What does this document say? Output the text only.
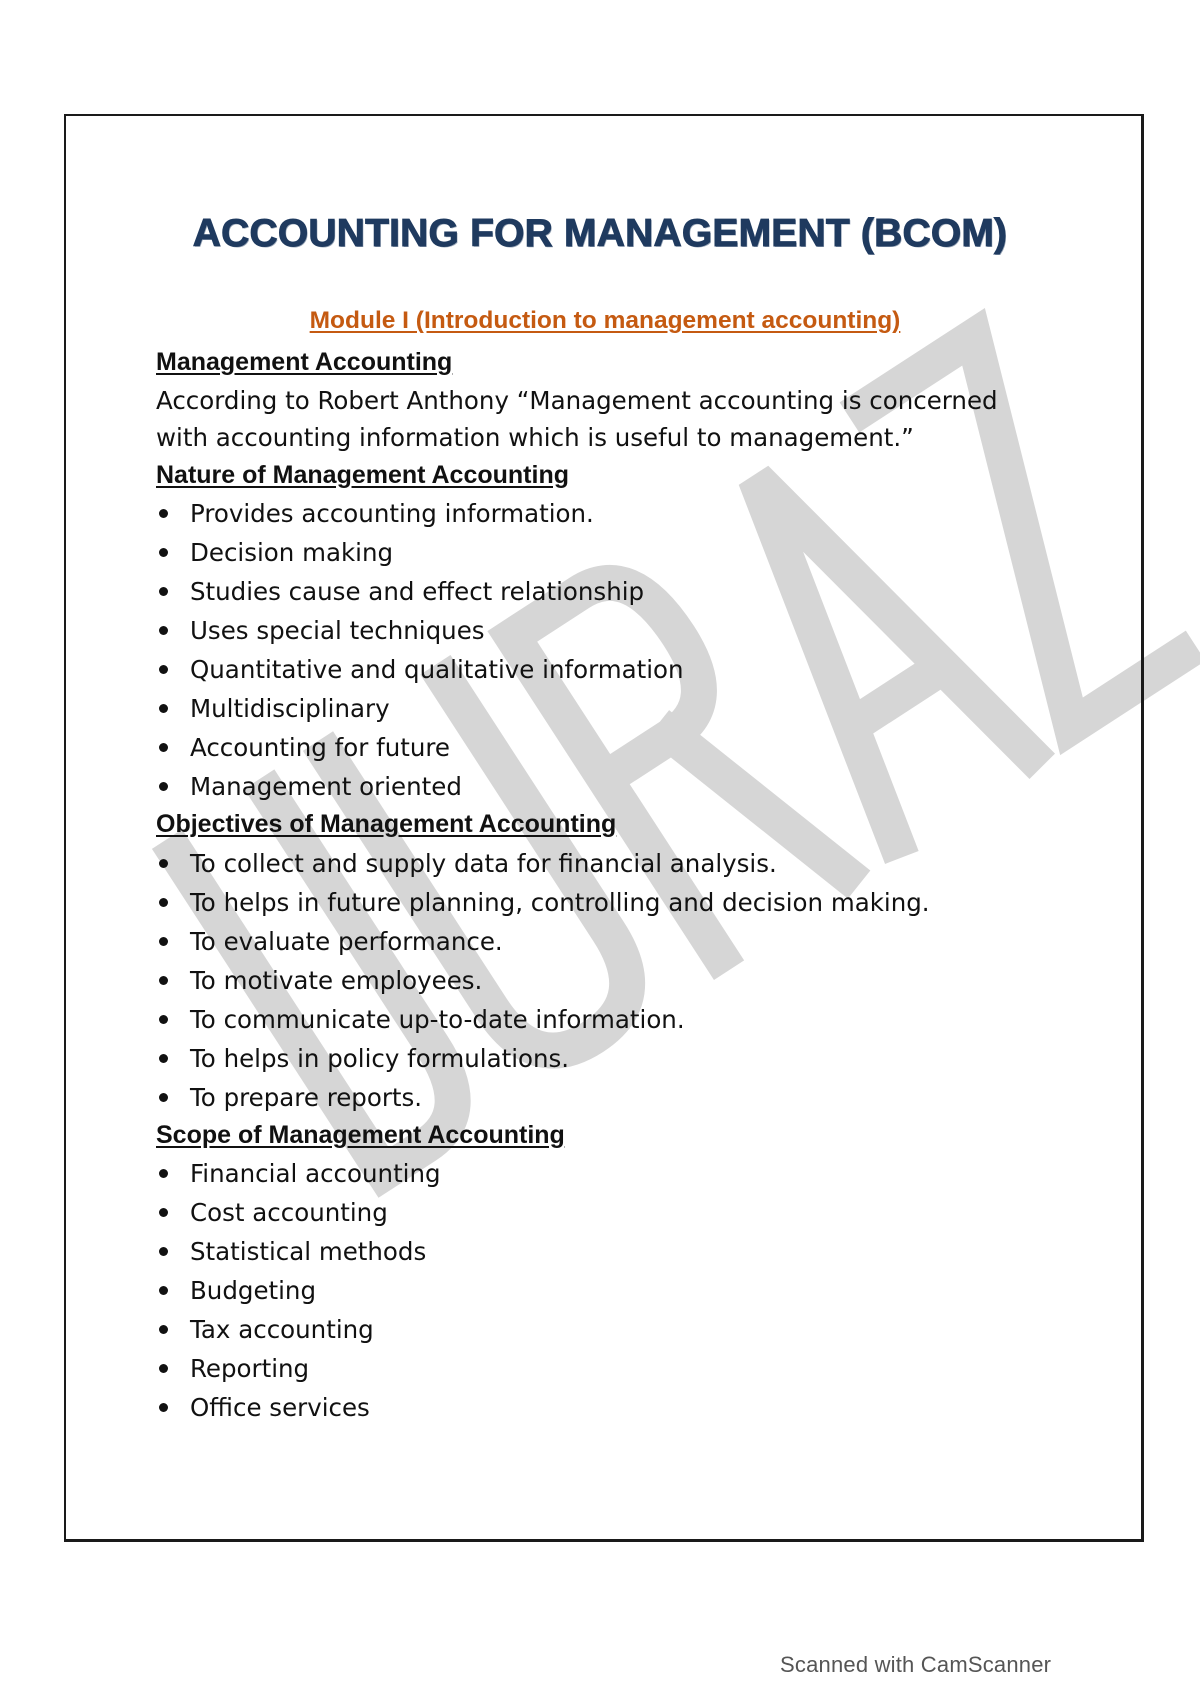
ACCOUNTING FOR MANAGEMENT (BCOM)
Module I (Introduction to management accounting)
Management Accounting

According to Robert Anthony “Management accounting is concerned with accounting information which is useful to management.”

Nature of Management Accounting
Provides accounting information.
Decision making
Studies cause and effect relationship
Uses special techniques
Quantitative and qualitative information
Multidisciplinary
Accounting for future
Management oriented
Objectives of Management Accounting
To collect and supply data for financial analysis.
To helps in future planning, controlling and decision making.
To evaluate performance.
To motivate employees.
To communicate up-to-date information.
To helps in policy formulations.
To prepare reports.
Scope of Management Accounting
Financial accounting
Cost accounting
Statistical methods
Budgeting
Tax accounting
Reporting
Office services
Scanned with CamScanner
